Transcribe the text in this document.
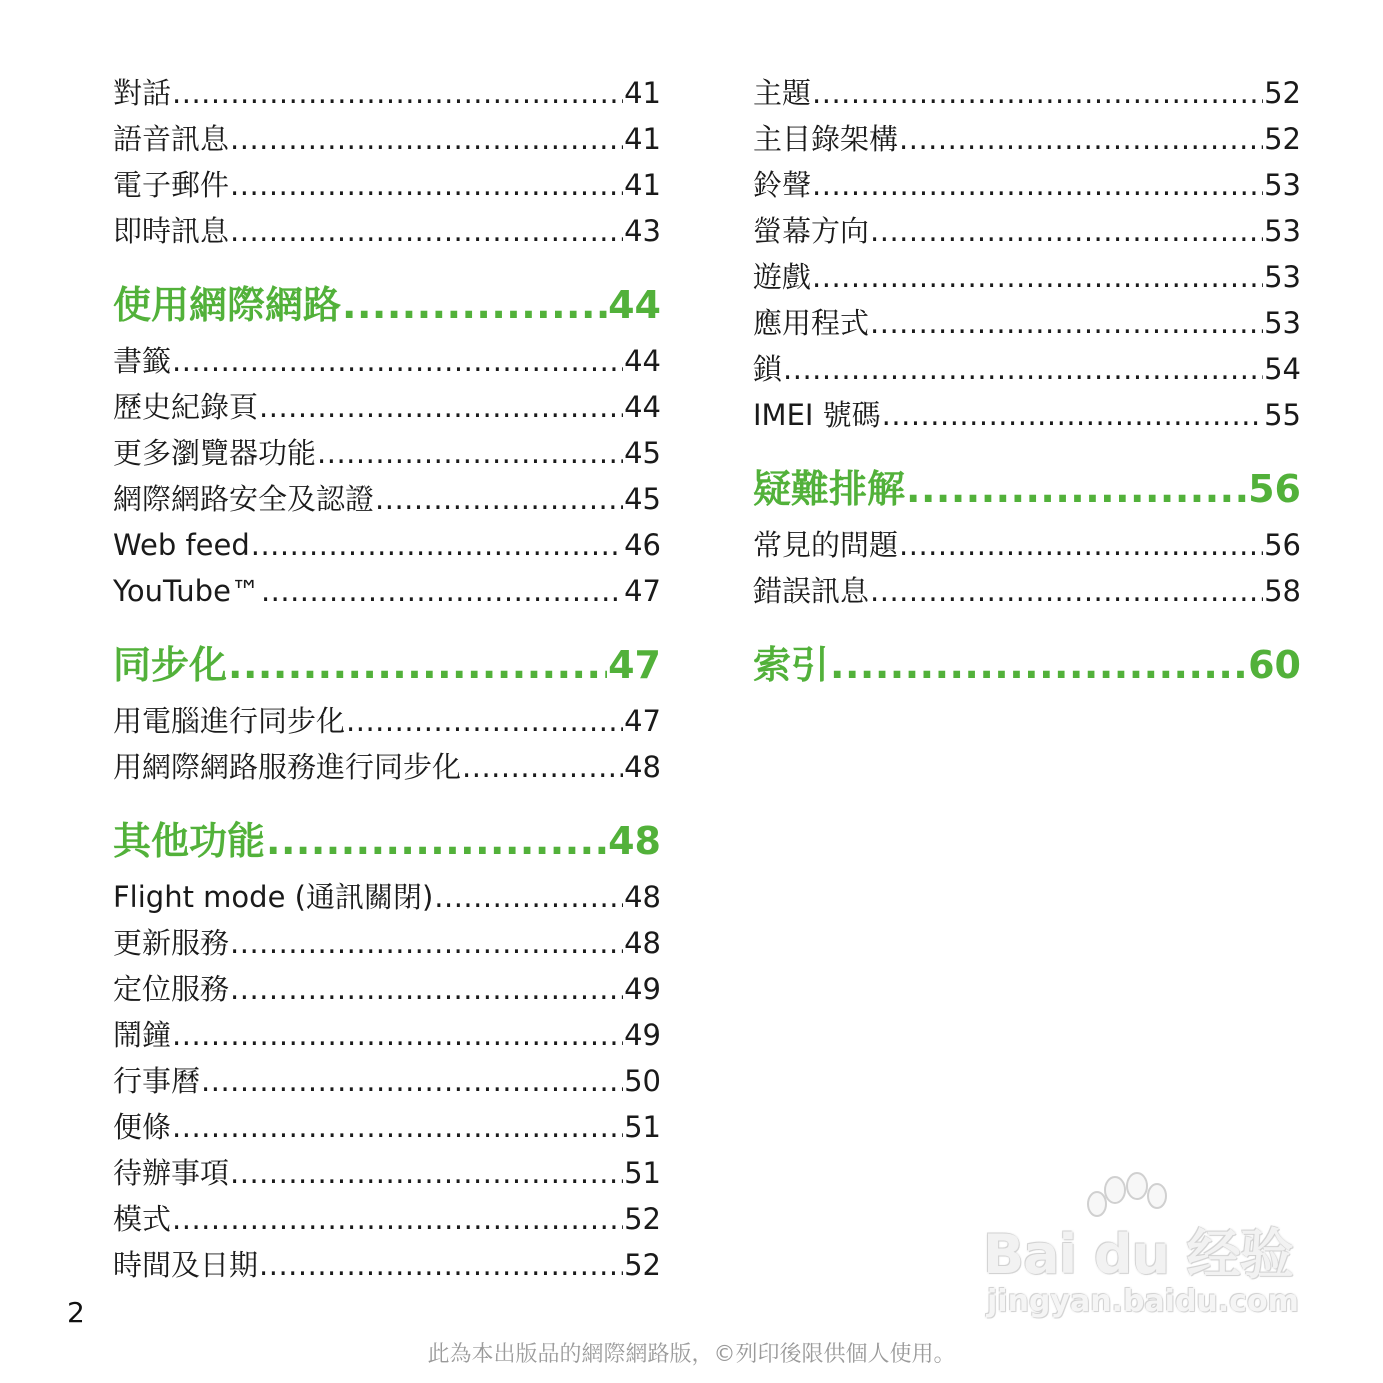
對話 .....	41
語音訊息 .....	41
電子郵件 .....	41
即時訊息 .....	43
使用網際網路 .....	44
書籤 .....	44
歷史紀錄頁 .....	44
更多瀏覽器功能 .....	45
網際網路安全及認證 .....	45
Web feed .....	46
YouTube™ .....	47
同步化 .....	47
用電腦進行同步化 .....	47
用網際網路服務進行同步化 .....	48
其他功能 .....	48
Flight mode (通訊關閉) .....	48
更新服務 .....	48
定位服務 .....	49
鬧鐘 .....	49
行事曆 .....	50
便條 .....	51
待辦事項 .....	51
模式 .....	52
時間及日期 .....	52
主題 .....	52
主目錄架構 .....	52
鈴聲 .....	53
螢幕方向 .....	53
遊戲 .....	53
應用程式 .....	53
鎖 .....	54
IMEI 號碼 .....	55
疑難排解 .....	56
常見的問題 .....	56
錯誤訊息 .....	58
索引 .....	60
2
此為本出版品的網際網路版，©列印後限供個人使用。
Bai du 经验
jingyan.baidu.com
